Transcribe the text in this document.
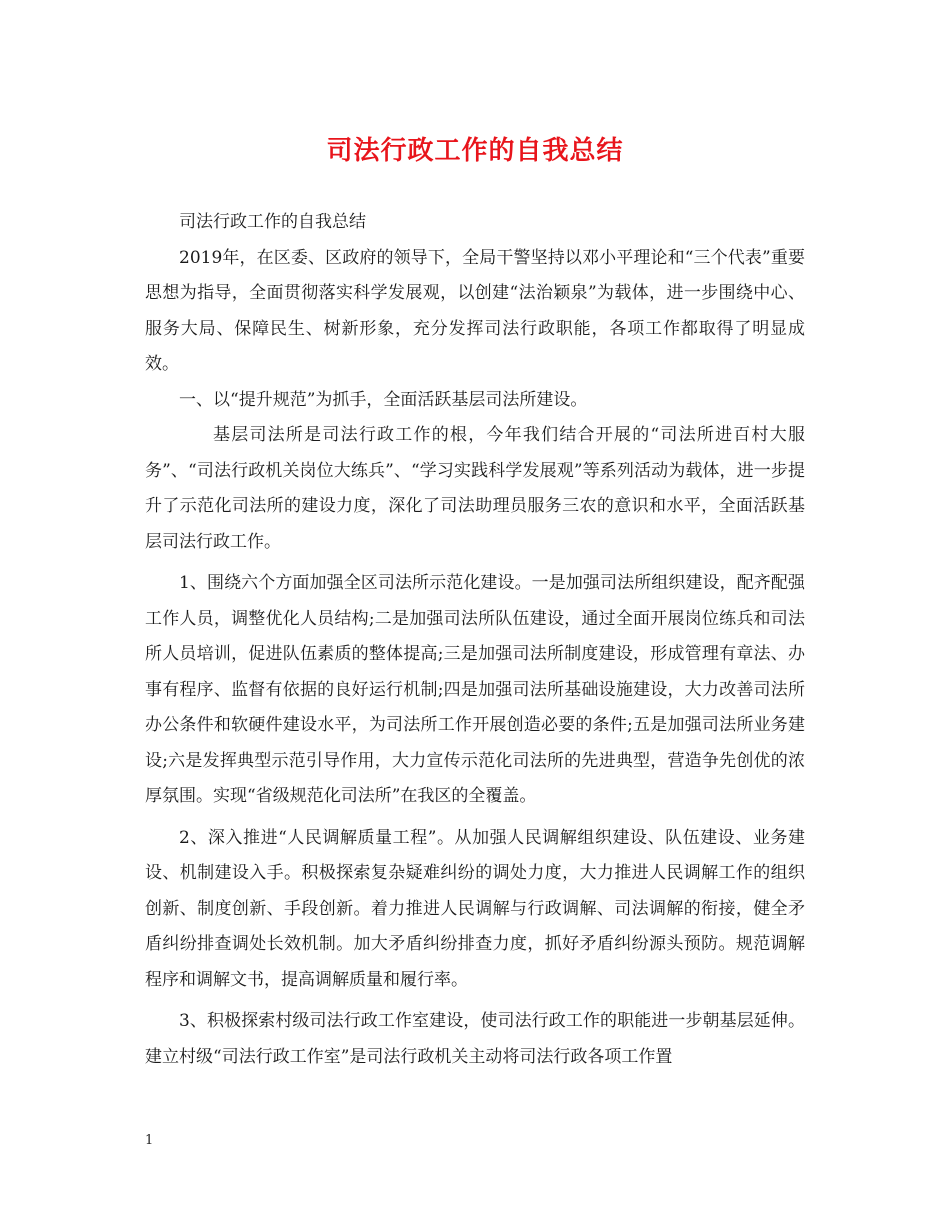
司法行政工作的自我总结

司法行政工作的自我总结

2019年，在区委、区政府的领导下，全局干警坚持以邓小平理论和“三个代表”重要思想为指导，全面贯彻落实科学发展观，以创建“法治颖泉”为载体，进一步围绕中心、服务大局、保障民生、树新形象，充分发挥司法行政职能，各项工作都取得了明显成效。

一、以“提升规范”为抓手，全面活跃基层司法所建设。

基层司法所是司法行政工作的根，今年我们结合开展的“司法所进百村大服务”、“司法行政机关岗位大练兵”、“学习实践科学发展观”等系列活动为载体，进一步提升了示范化司法所的建设力度，深化了司法助理员服务三农的意识和水平，全面活跃基层司法行政工作。

1、围绕六个方面加强全区司法所示范化建设。一是加强司法所组织建设，配齐配强工作人员，调整优化人员结构;二是加强司法所队伍建设，通过全面开展岗位练兵和司法所人员培训，促进队伍素质的整体提高;三是加强司法所制度建设，形成管理有章法、办事有程序、监督有依据的良好运行机制;四是加强司法所基础设施建设，大力改善司法所办公条件和软硬件建设水平，为司法所工作开展创造必要的条件;五是加强司法所业务建设;六是发挥典型示范引导作用，大力宣传示范化司法所的先进典型，营造争先创优的浓厚氛围。实现“省级规范化司法所”在我区的全覆盖。

2、深入推进“人民调解质量工程”。从加强人民调解组织建设、队伍建设、业务建设、机制建设入手。积极探索复杂疑难纠纷的调处力度，大力推进人民调解工作的组织创新、制度创新、手段创新。着力推进人民调解与行政调解、司法调解的衔接，健全矛盾纠纷排查调处长效机制。加大矛盾纠纷排查力度，抓好矛盾纠纷源头预防。规范调解程序和调解文书，提高调解质量和履行率。

3、积极探索村级司法行政工作室建设，使司法行政工作的职能进一步朝基层延伸。建立村级“司法行政工作室”是司法行政机关主动将司法行政各项工作置

1
